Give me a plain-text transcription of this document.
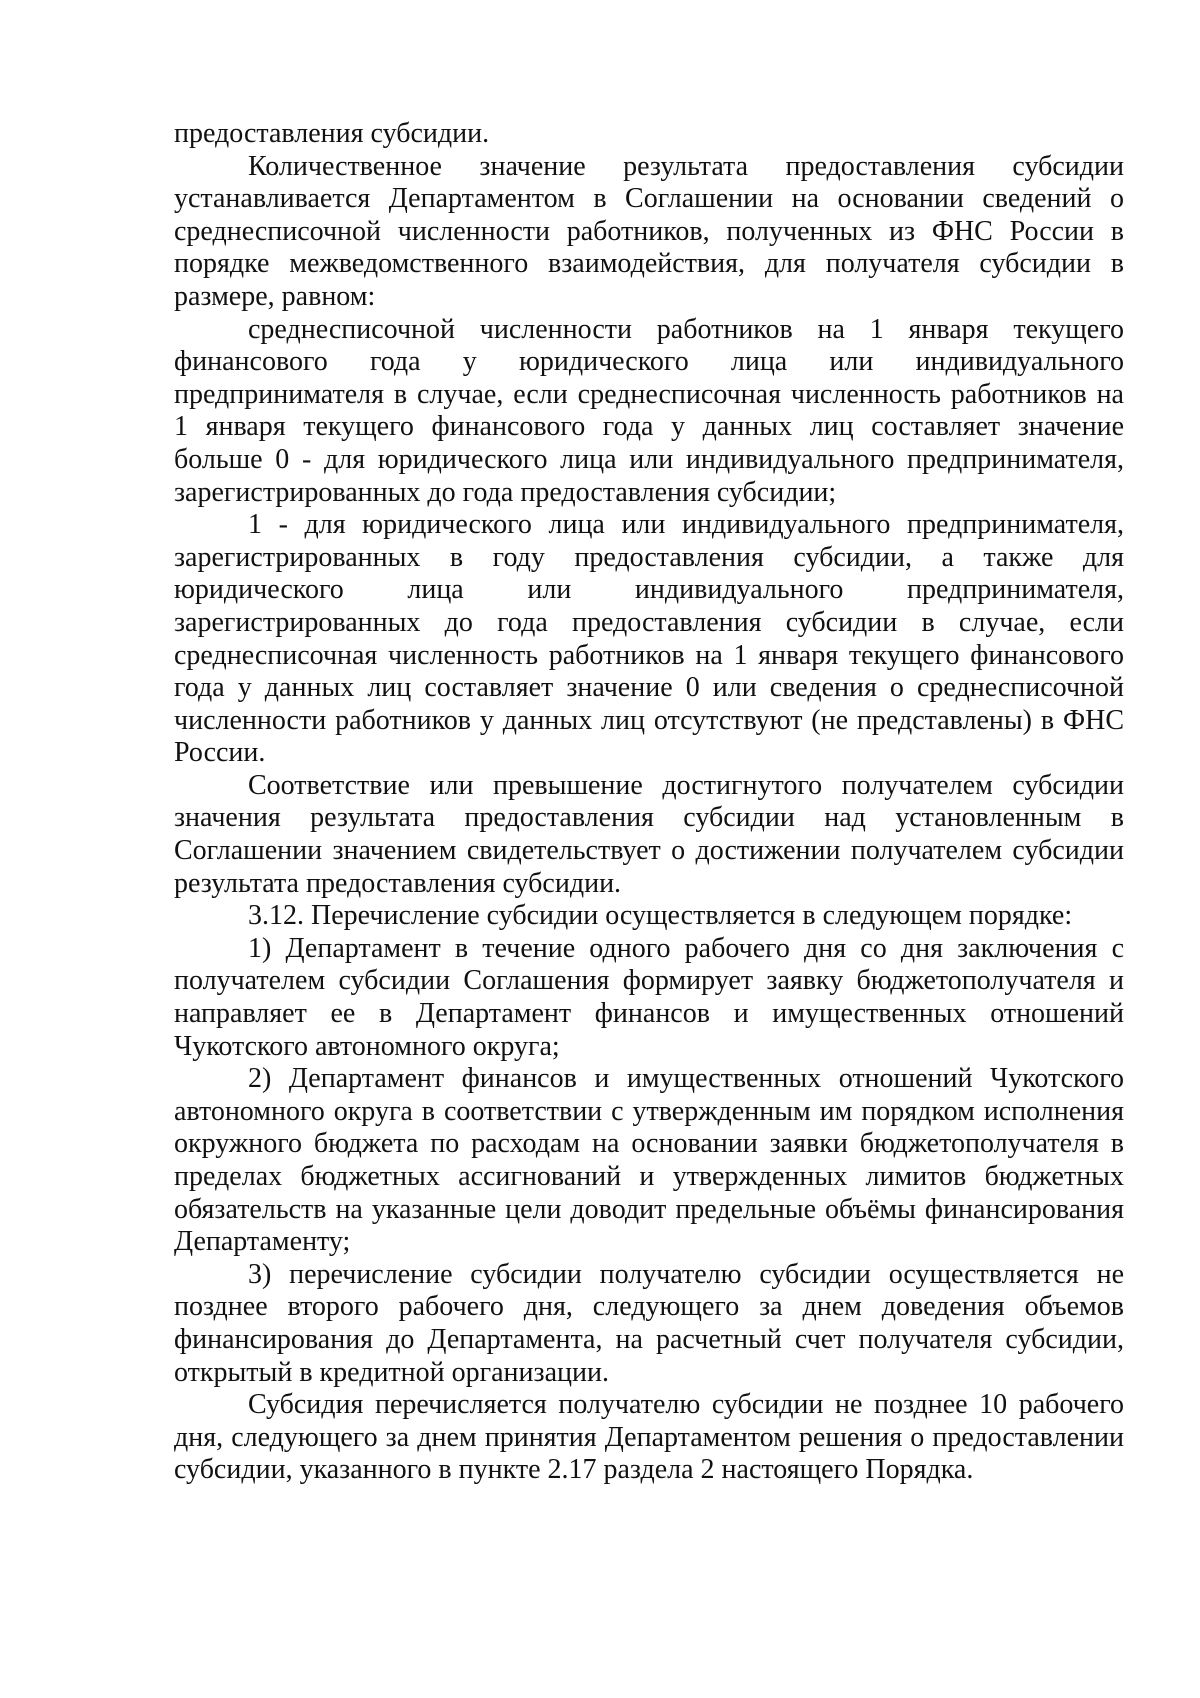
предоставления субсидии.

Количественное значение результата предоставления субсидии устанавливается Департаментом в Соглашении на основании сведений о среднесписочной численности работников, полученных из ФНС России в порядке межведомственного взаимодействия, для получателя субсидии в размере, равном:

среднесписочной численности работников на 1 января текущего финансового года у юридического лица или индивидуального предпринимателя в случае, если среднесписочная численность работников на 1 января текущего финансового года у данных лиц составляет значение больше 0 - для юридического лица или индивидуального предпринимателя, зарегистрированных до года предоставления субсидии;

1 - для юридического лица или индивидуального предпринимателя, зарегистрированных в году предоставления субсидии, а также для юридического лица или индивидуального предпринимателя, зарегистрированных до года предоставления субсидии в случае, если среднесписочная численность работников на 1 января текущего финансового года у данных лиц составляет значение 0 или сведения о среднесписочной численности работников у данных лиц отсутствуют (не представлены) в ФНС России.

Соответствие или превышение достигнутого получателем субсидии значения результата предоставления субсидии над установленным в Соглашении значением свидетельствует о достижении получателем субсидии результата предоставления субсидии.

3.12. Перечисление субсидии осуществляется в следующем порядке:

1) Департамент в течение одного рабочего дня со дня заключения с получателем субсидии Соглашения формирует заявку бюджетополучателя и направляет ее в Департамент финансов и имущественных отношений Чукотского автономного округа;

2) Департамент финансов и имущественных отношений Чукотского автономного округа в соответствии с утвержденным им порядком исполнения окружного бюджета по расходам на основании заявки бюджетополучателя в пределах бюджетных ассигнований и утвержденных лимитов бюджетных обязательств на указанные цели доводит предельные объёмы финансирования Департаменту;

3) перечисление субсидии получателю субсидии осуществляется не позднее второго рабочего дня, следующего за днем доведения объемов финансирования до Департамента, на расчетный счет получателя субсидии, открытый в кредитной организации.

Субсидия перечисляется получателю субсидии не позднее 10 рабочего дня, следующего за днем принятия Департаментом решения о предоставлении субсидии, указанного в пункте 2.17 раздела 2 настоящего Порядка.
